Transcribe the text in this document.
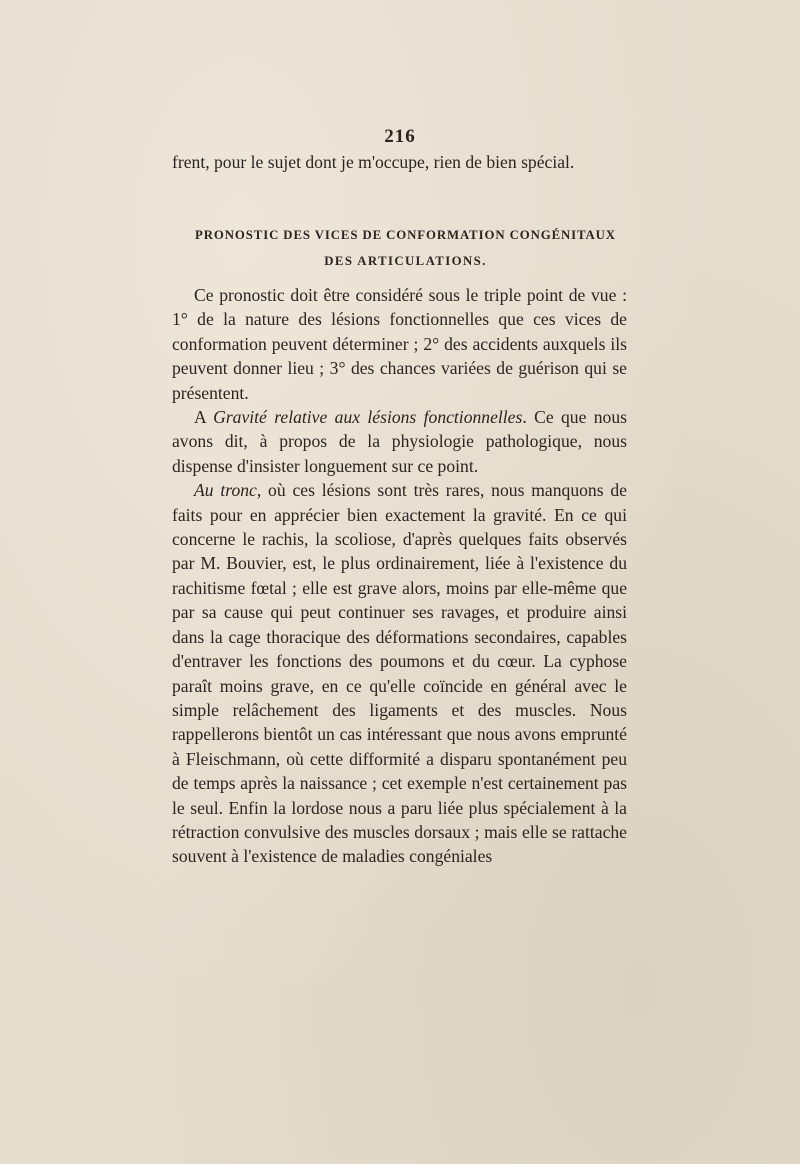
216

frent, pour le sujet dont je m'occupe, rien de bien spécial.

PRONOSTIC DES VICES DE CONFORMATION CONGÉNITAUX
DES ARTICULATIONS.

Ce pronostic doit être considéré sous le triple point de vue : 1° de la nature des lésions fonctionnelles que ces vices de conformation peuvent déterminer ; 2° des accidents auxquels ils peuvent donner lieu ; 3° des chances variées de guérison qui se présentent.

A Gravité relative aux lésions fonctionnelles. Ce que nous avons dit, à propos de la physiologie pathologique, nous dispense d'insister longuement sur ce point.

Au tronc, où ces lésions sont très rares, nous manquons de faits pour en apprécier bien exactement la gravité. En ce qui concerne le rachis, la scoliose, d'après quelques faits observés par M. Bouvier, est, le plus ordinairement, liée à l'existence du rachitisme fœtal ; elle est grave alors, moins par elle-même que par sa cause qui peut continuer ses ravages, et produire ainsi dans la cage thoracique des déformations secondaires, capables d'entraver les fonctions des poumons et du cœur. La cyphose paraît moins grave, en ce qu'elle coïncide en général avec le simple relâchement des ligaments et des muscles. Nous rappellerons bientôt un cas intéressant que nous avons emprunté à Fleischmann, où cette difformité a disparu spontanément peu de temps après la naissance ; cet exemple n'est certainement pas le seul. Enfin la lordose nous a paru liée plus spécialement à la rétraction convulsive des muscles dorsaux ; mais elle se rattache souvent à l'existence de maladies congéniales
